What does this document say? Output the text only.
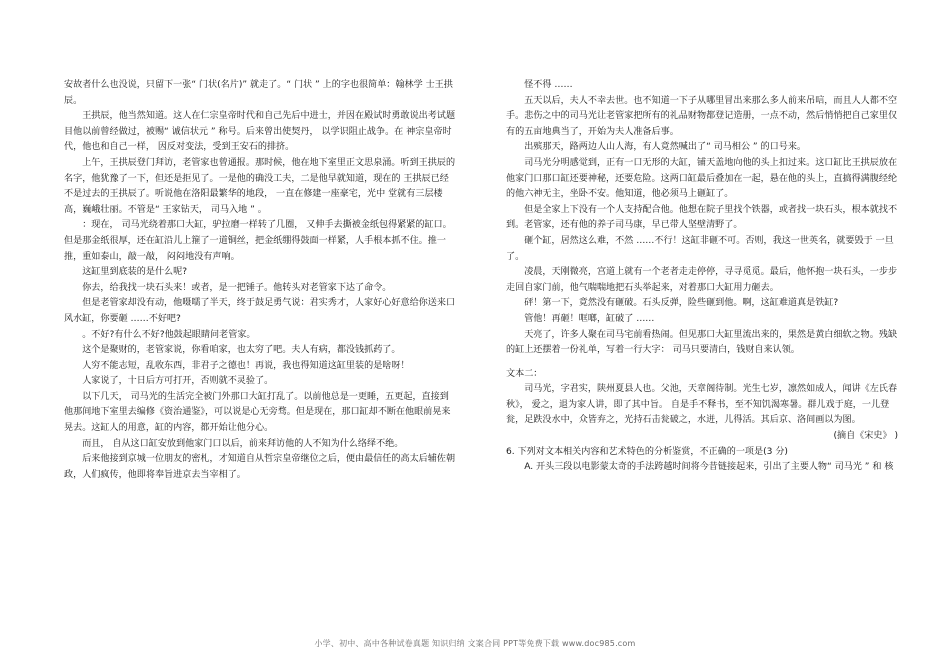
安故者什么也没说，只留下一张“ 门状(名片)” 就走了。“ 门状 ” 上的字也很简单：翰林学 士王拱辰。

王拱辰，他当然知道。这人在仁宗皇帝时代和自己先后中进士，并因在殿试时勇敢说出考试题目他以前曾经做过，被赐“ 诚信状元 ” 称号。后来曾出使契丹， 以学识阻止战争。在 神宗皇帝时代，他也和自己一样， 因反对变法，受到王安石的排挤。

上午，王拱辰登门拜访，老管家也曾通报。那时候，他在地下室里正文思泉涌。听到王拱辰的名字，他犹豫了一下，但还是拒见了。一是他的确没工夫，二是他早就知道，现在的 王拱辰已经不是过去的王拱辰了。听说他在洛阳最繁华的地段， 一直在修建一座豪宅，光中 堂就有三层楼高，巍峨壮丽。不管是“ 王家钻天， 司马入地 ” 。

：现在， 司马光绕着那口大缸，驴拉磨一样转了几圈， 又伸手去撕被金纸包得紧紧的缸口。但是那金纸很厚，还在缸沿儿上箍了一道铜丝，把金纸绷得鼓面一样紧，人手根本抓不住。推一推，重如泰山，敲一敲， 闷闷地没有声响。

这缸里到底装的是什么呢?

你去，给我找一块石头来！或者，是一把锤子。他转头对老管家下达了命令。

但是老管家却没有动，他嗫嚅了半天，终于鼓足勇气说：君实秀才，人家好心好意给你送来口风水缸，你要砸 ……不好吧?

。不好?有什么不好?他鼓起眼睛问老管家。

这个是聚财的，老管家说，你看咱家，也太穷了吧。夫人有病，都没钱抓药了。

人穷不能志短，乱收东西，非君子之德也！再说，我也得知道这缸里装的是啥呀！

人家说了，十日后方可打开，否则就不灵验了。

以下几天， 司马光的生活完全被门外那口大缸打乱了。以前他总是一更睡，五更起，直接到他那间地下室里去编修《资治通鉴》，可以说是心无旁骛。但是现在，那口缸却不断在他眼前晃来晃去。这缸人的用意，缸的内容，都开始让他分心。

而且， 自从这口缸安放到他家门口以后，前来拜访他的人不知为什么络绎不绝。

后来他接到京城一位朋友的密札，才知道自从哲宗皇帝继位之后，便由最信任的高太后辅佐朝政，人们疯传，他即将奉旨进京去当宰相了。

怪不得 ……

五天以后，夫人不幸去世。也不知道一下子从哪里冒出来那么多人前来吊唁，而且人人都不空手。悲伤之中的司马光让老管家把所有的礼品财物都登记造册，一点不动，然后悄悄把自己家里仅有的五亩地典当了，开始为夫人准备后事。

出殡那天，路两边人山人海，有人竟然喊出了“ 司马相公 ” 的口号来。

司马光分明感觉到，正有一口无形的大缸，铺天盖地向他的头上扣过来。这口缸比王拱辰放在他家门口那口缸还要神秘，还要危险。这两口缸最后叠加在一起，悬在他的头上，直搞得满腹经纶的他六神无主，坐卧不安。他知道，他必须马上砸缸了。

但是全家上下没有一个人支持配合他。他想在院子里找个铁器，或者找一块石头，根本就找不到。老管家，还有他的养子司马康，早已带人坚壁清野了。

砸个缸，居然这么难，不然 ……不行！这缸非砸不可。否则，我这一世英名，就要毁于 一旦了。

凌晨，天刚微亮，宫道上就有一个老者走走停停，寻寻觅觅。最后，他怀抱一块石头，一步步走回自家门前，他气喘喘地把石头举起来，对着那口大缸用力砸去。

砰！第一下，竟然没有砸破。石头反弹，险些砸到他。啊，这缸难道真是铁缸?

管他！再砸！哐啷，缸破了 ……

天亮了，许多人聚在司马宅前看热闹。但见那口大缸里流出来的，果然是黄白细软之物。残缺的缸上还摆着一份礼单，写着一行大字： 司马只要清白，钱财自来认领。

文本二：

司马光，字君实，陕州夏县人也。父池，天章阁待制。光生七岁，凛然如成人，闻讲《左氏春秋》， 爱之，退为家人讲，即了其中旨。 自是手不释书，至不知饥渴寒暑。群儿戏于庭，一儿登瓮，足跌没水中，众皆弃之，光持石击瓮破之，水迸，儿得活。其后京、洛间画以为图。

(摘自《宋史》 )

6. 下列对文本相关内容和艺术特色的分析鉴赏，不正确的一项是(3 分)

A. 开头三段以电影蒙太奇的手法跨越时间将今昔链接起来，引出了主要人物“ 司马光 ” 和 核

小学、初中、高中各种试卷真题 知识归纳 文案合同 PPT等免费下载 www.doc985.com
